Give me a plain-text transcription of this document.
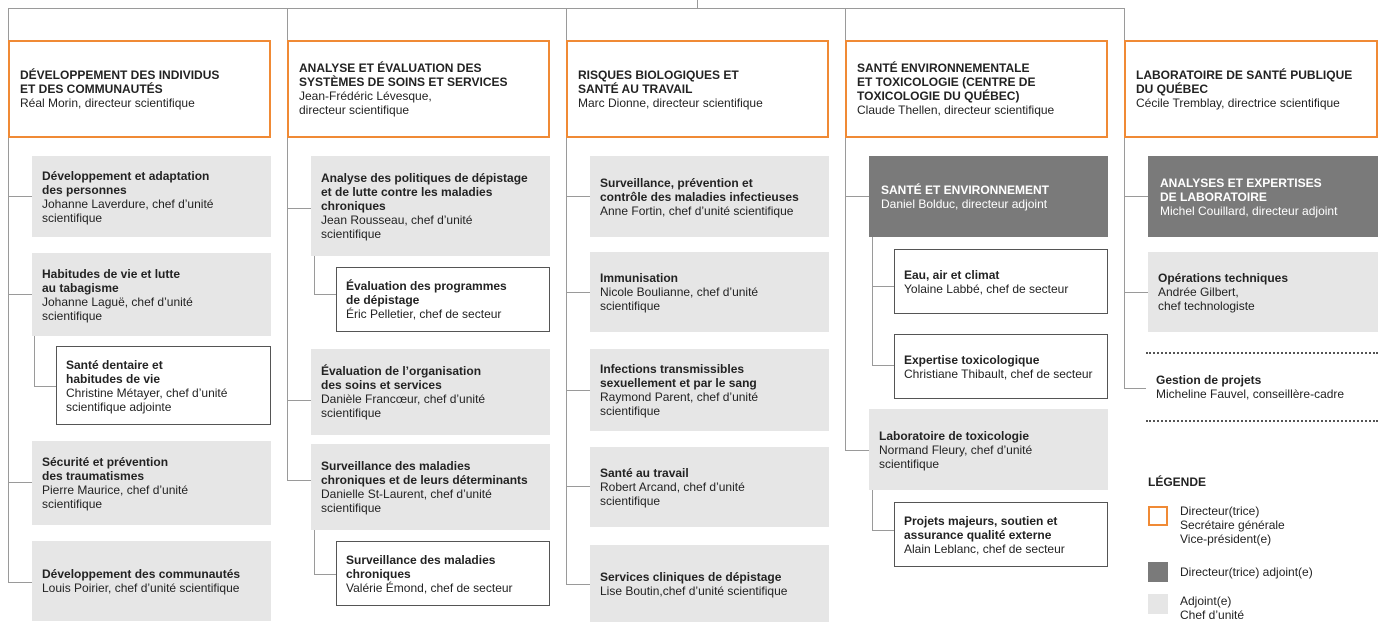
DÉVELOPPEMENT DES INDIVIDUS
ET DES COMMUNAUTÉS
Réal Morin, directeur scientifique
ANALYSE ET ÉVALUATION DES
SYSTÈMES DE SOINS ET SERVICES
Jean-Frédéric Lévesque,
directeur scientifique
RISQUES BIOLOGIQUES ET
SANTÉ AU TRAVAIL
Marc Dionne, directeur scientifique
SANTÉ ENVIRONNEMENTALE
ET TOXICOLOGIE (CENTRE DE
TOXICOLOGIE DU QUÉBEC)
Claude Thellen, directeur scientifique
LABORATOIRE DE SANTÉ PUBLIQUE
DU QUÉBEC
Cécile Tremblay, directrice scientifique
Développement et adaptation
des personnes
Johanne Laverdure, chef d’unité
scientifique
Habitudes de vie et lutte
au tabagisme
Johanne Laguë, chef d’unité
scientifique
Santé dentaire et
habitudes de vie
Christine Métayer, chef d’unité
scientifique adjointe
Sécurité et prévention
des traumatismes
Pierre Maurice, chef d’unité
scientifique
Développement des communautés
Louis Poirier, chef d’unité scientifique
Analyse des politiques de dépistage
et de lutte contre les maladies
chroniques
Jean Rousseau, chef d’unité
scientifique
Évaluation des programmes
de dépistage
Éric Pelletier, chef de secteur
Évaluation de l’organisation
des soins et services
Danièle Francœur, chef d’unité
scientifique
Surveillance des maladies
chroniques et de leurs déterminants
Danielle St-Laurent, chef d’unité
scientifique
Surveillance des maladies
chroniques
Valérie Émond, chef de secteur
Surveillance, prévention et
contrôle des maladies infectieuses
Anne Fortin, chef d’unité scientifique
Immunisation
Nicole Boulianne, chef d’unité
scientifique
Infections transmissibles
sexuellement et par le sang
Raymond Parent, chef d’unité
scientifique
Santé au travail
Robert Arcand, chef d’unité
scientifique
Services cliniques de dépistage
Lise Boutin,chef d’unité scientifique
SANTÉ ET ENVIRONNEMENT
Daniel Bolduc, directeur adjoint
Eau, air et climat
Yolaine Labbé, chef de secteur
Expertise toxicologique
Christiane Thibault, chef de secteur
Laboratoire de toxicologie
Normand Fleury, chef d’unité
scientifique
Projets majeurs, soutien et
assurance qualité externe
Alain Leblanc, chef de secteur
ANALYSES ET EXPERTISES
DE LABORATOIRE
Michel Couillard, directeur adjoint
Opérations techniques
Andrée Gilbert,
chef technologiste
Gestion de projets
Micheline Fauvel, conseillère-cadre
LÉGENDE
Directeur(trice)
Secrétaire générale
Vice-président(e)
Directeur(trice) adjoint(e)
Adjoint(e)
Chef d’unité
